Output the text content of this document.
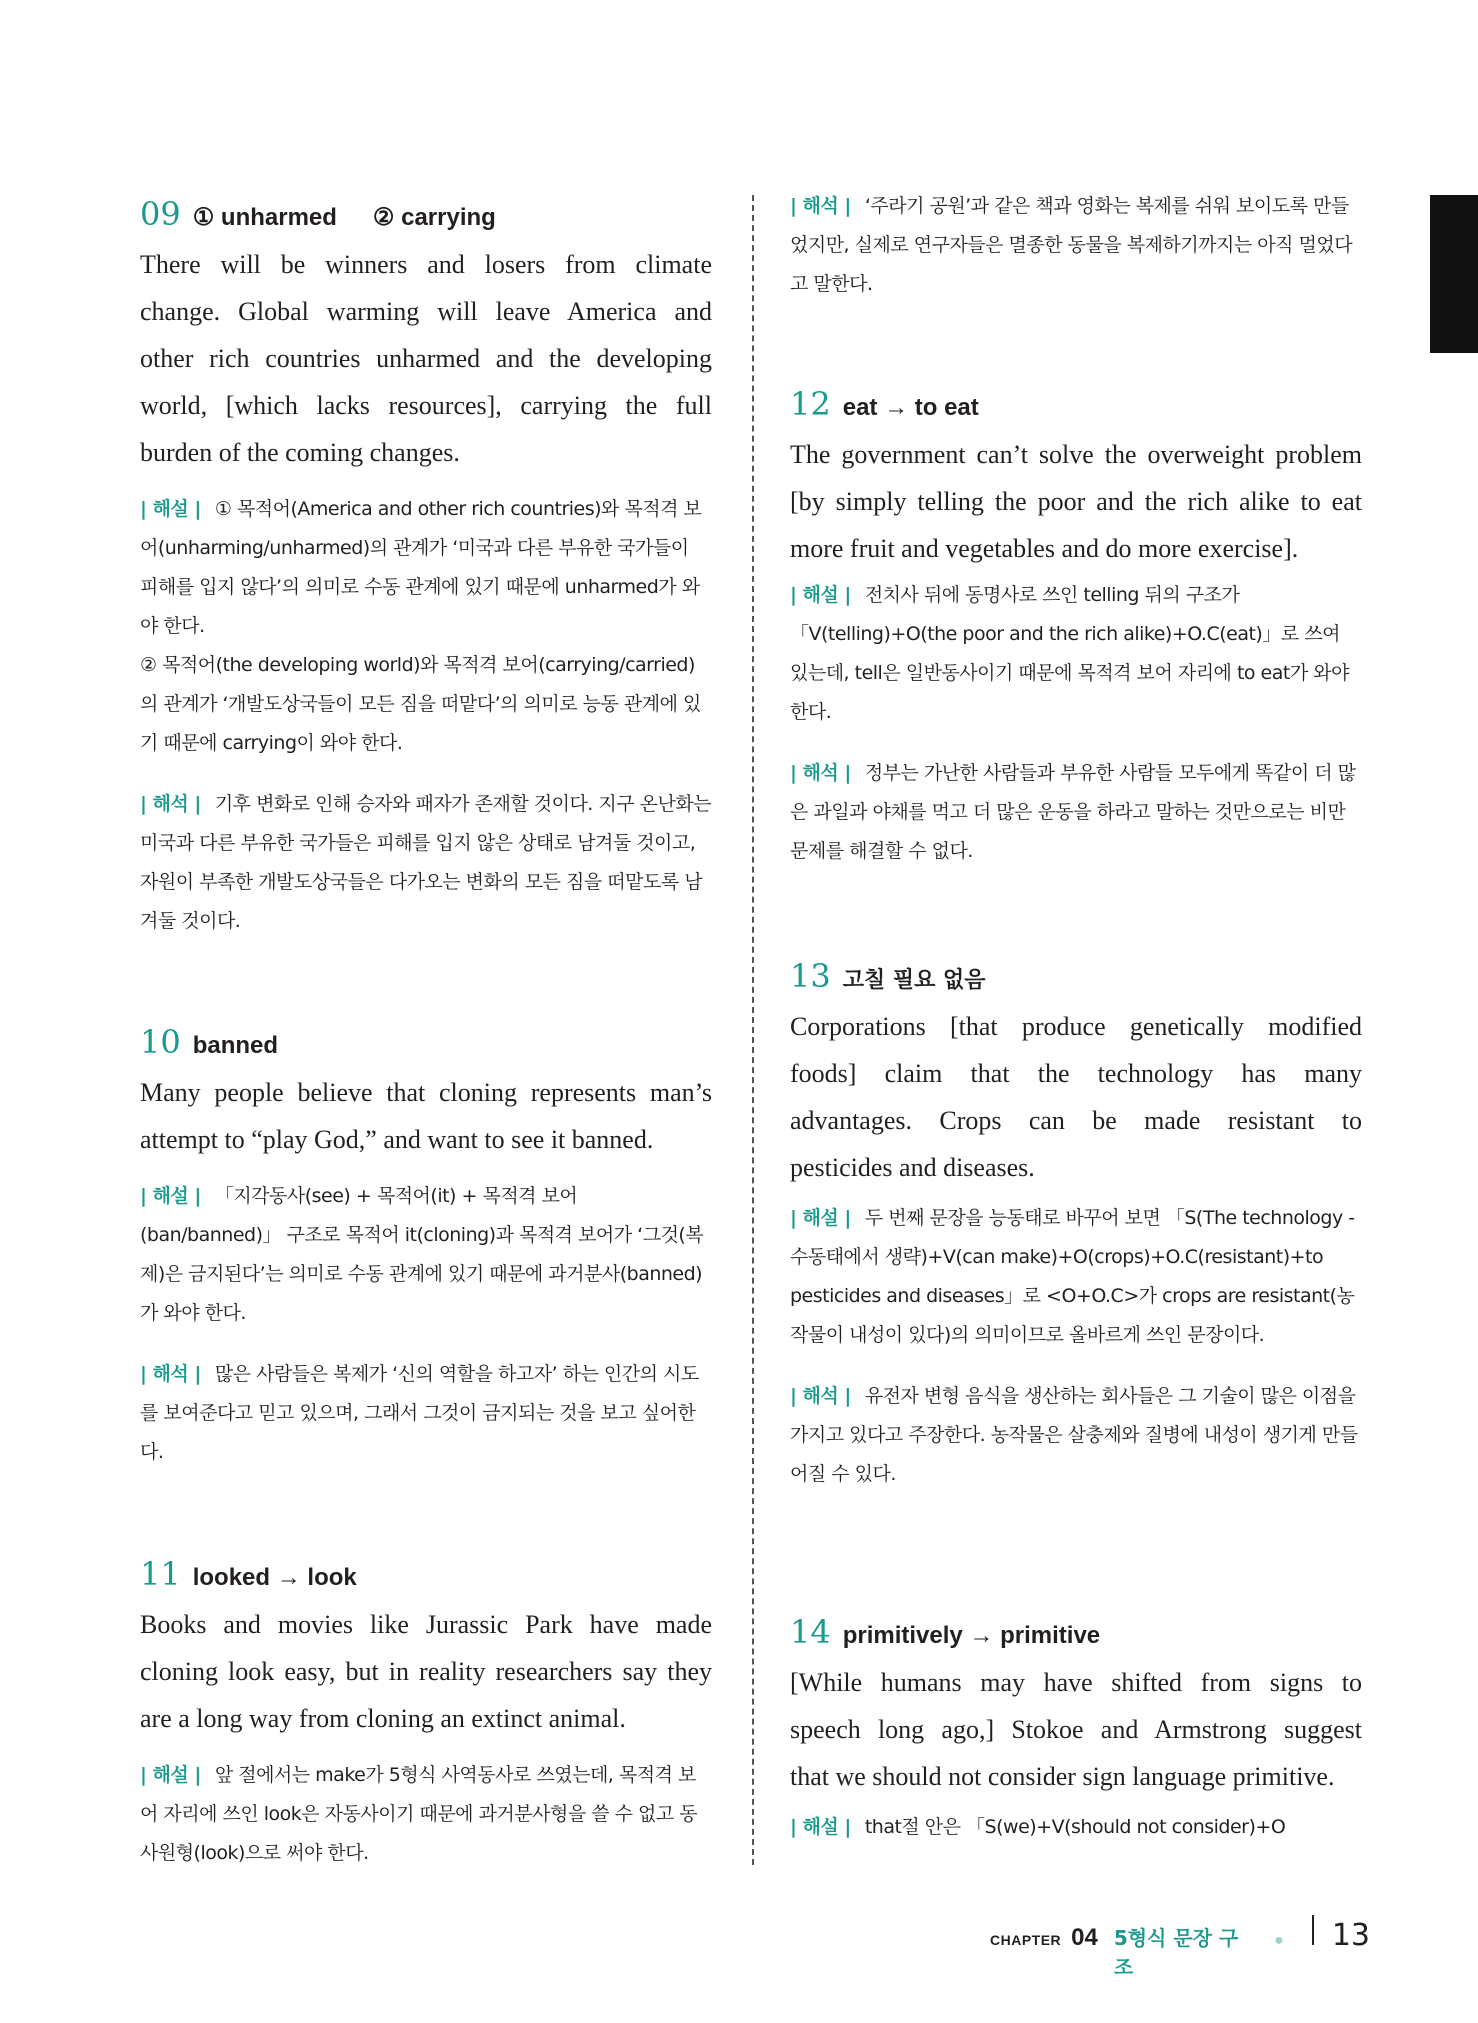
09 ① unharmed ② carrying

There will be winners and losers from climate

change. Global warming will leave America and

other rich countries unharmed and the developing

world, [which lacks resources], carrying the full

burden of the coming changes.

| 해설 | ① 목적어(America and other rich countries)와 목적격 보어(unharming/unharmed)의 관계가 ‘미국과 다른 부유한 국가들이 피해를 입지 않다’의 의미로 수동 관계에 있기 때문에 unharmed가 와야 한다.

② 목적어(the developing world)와 목적격 보어(carrying/carried)의 관계가 ‘개발도상국들이 모든 짐을 떠맡다’의 의미로 능동 관계에 있기 때문에 carrying이 와야 한다.

| 해석 | 기후 변화로 인해 승자와 패자가 존재할 것이다. 지구 온난화는 미국과 다른 부유한 국가들은 피해를 입지 않은 상태로 남겨둘 것이고, 자원이 부족한 개발도상국들은 다가오는 변화의 모든 짐을 떠맡도록 남겨둘 것이다.

10 banned

Many people believe that cloning represents man’s

attempt to “play God,” and want to see it banned.

| 해설 | 「지각동사(see) + 목적어(it) + 목적격 보어(ban/banned)」 구조로 목적어 it(cloning)과 목적격 보어가 ‘그것(복제)은 금지된다’는 의미로 수동 관계에 있기 때문에 과거분사(banned)가 와야 한다.

| 해석 | 많은 사람들은 복제가 ‘신의 역할을 하고자’ 하는 인간의 시도를 보여준다고 믿고 있으며, 그래서 그것이 금지되는 것을 보고 싶어한다.

11 looked → look

Books and movies like Jurassic Park have made

cloning look easy, but in reality researchers say they

are a long way from cloning an extinct animal.

| 해설 | 앞 절에서는 make가 5형식 사역동사로 쓰였는데, 목적격 보어 자리에 쓰인 look은 자동사이기 때문에 과거분사형을 쓸 수 없고 동사원형(look)으로 써야 한다.

| 해석 | ‘주라기 공원’과 같은 책과 영화는 복제를 쉬워 보이도록 만들었지만, 실제로 연구자들은 멸종한 동물을 복제하기까지는 아직 멀었다고 말한다.

12 eat → to eat

The government can’t solve the overweight problem

[by simply telling the poor and the rich alike to eat

more fruit and vegetables and do more exercise].

| 해설 | 전치사 뒤에 동명사로 쓰인 telling 뒤의 구조가 「V(telling)+O(the poor and the rich alike)+O.C(eat)」로 쓰여 있는데, tell은 일반동사이기 때문에 목적격 보어 자리에 to eat가 와야 한다.

| 해석 | 정부는 가난한 사람들과 부유한 사람들 모두에게 똑같이 더 많은 과일과 야채를 먹고 더 많은 운동을 하라고 말하는 것만으로는 비만 문제를 해결할 수 없다.

13 고칠 필요 없음

Corporations [that produce genetically modified

foods] claim that the technology has many

advantages. Crops can be made resistant to

pesticides and diseases.

| 해설 | 두 번째 문장을 능동태로 바꾸어 보면 「S(The technology - 수동태에서 생략)+V(can make)+O(crops)+O.C(resistant)+to pesticides and diseases」로 <O+O.C>가 crops are resistant(농작물이 내성이 있다)의 의미이므로 올바르게 쓰인 문장이다.

| 해석 | 유전자 변형 음식을 생산하는 회사들은 그 기술이 많은 이점을 가지고 있다고 주장한다. 농작물은 살충제와 질병에 내성이 생기게 만들어질 수 있다.

14 primitively → primitive

[While humans may have shifted from signs to

speech long ago,] Stokoe and Armstrong suggest

that we should not consider sign language primitive.

| 해설 | that절 안은 「S(we)+V(should not consider)+O

CHAPTER 04 5형식 문장 구조
● 13
